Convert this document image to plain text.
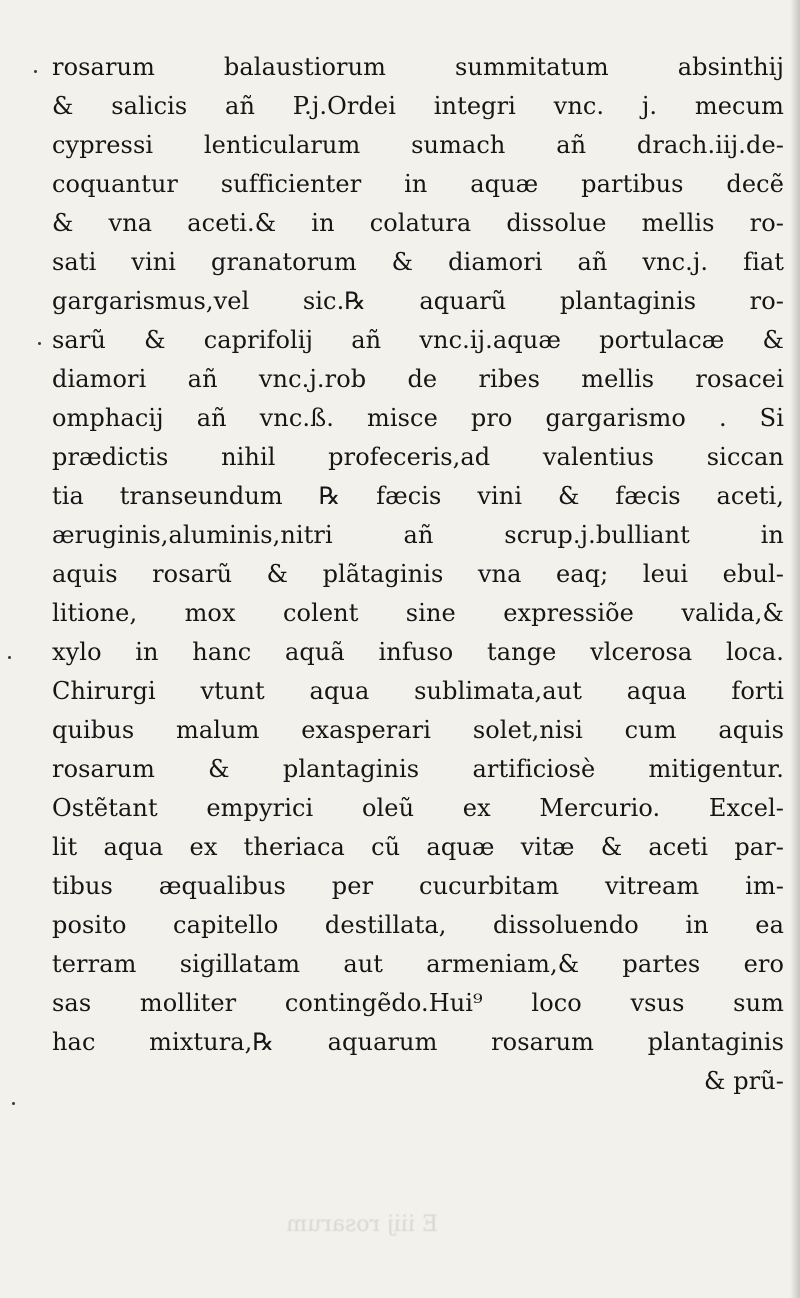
rosarum balaustiorum summitatum absinthij
& salicis añ P.j.Ordei integri vnc. j. mecum
cypressi lenticularum sumach añ drach.iij.de-
coquantur sufficienter in aquæ partibus decẽ
& vna aceti.& in colatura dissolue mellis ro-
sati vini granatorum & diamori añ vnc.j. fiat
gargarismus,vel sic.℞ aquarũ plantaginis ro-
sarũ & caprifolij añ vnc.ij.aquæ portulacæ &
diamori añ vnc.j.rob de ribes mellis rosacei
omphacij añ vnc.ß. misce pro gargarismo . Si
prædictis nihil profeceris,ad valentius siccan
tia transeundum ℞ fæcis vini & fæcis aceti,
æruginis,aluminis,nitri añ scrup.j.bulliant in
aquis rosarũ & plãtaginis vna eaq; leui ebul-
litione, mox colent sine expressiõe valida,&
xylo in hanc aquã infuso tange vlcerosa loca.
Chirurgi vtunt aqua sublimata,aut aqua forti
quibus malum exasperari solet,nisi cum aquis
rosarum & plantaginis artificiosè mitigentur.
Ostẽtant empyrici oleũ ex Mercurio. Excel-
lit aqua ex theriaca cũ aquæ vitæ & aceti par-
tibus æqualibus per cucurbitam vitream im-
posito capitello destillata, dissoluendo in ea
terram sigillatam aut armeniam,& partes ero
sas molliter contingẽdo.Hui⁹ loco vsus sum
hac mixtura,℞ aquarum rosarum plantaginis
& prũ-
E iiij rosarum
